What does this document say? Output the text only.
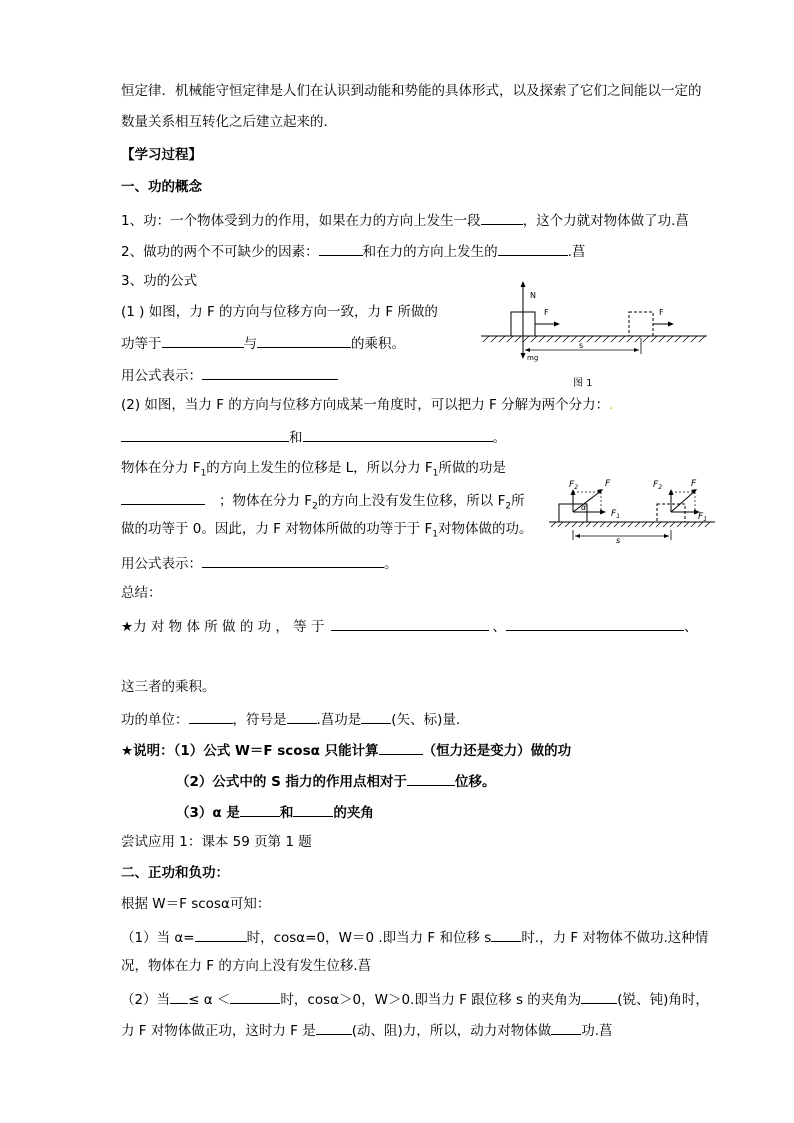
恒定律．机械能守恒定律是人们在认识到动能和势能的具体形式，以及探索了它们之间能以一定的
数量关系相互转化之后建立起来的．
【学习过程】
一、功的概念
1、功：一个物体受到力的作用，如果在力的方向上发生一段	，这个力就对物体做了功.菖
2、做功的两个不可缺少的因素：	和在力的方向上发生的	.菖
3、功的公式
(1 ) 如图，力 F 的方向与位移方向一致，力 F 所做的
功等于	与	的乘积。
用公式表示：
(2) 如图，当力 F 的方向与位移方向成某一角度时，可以把力 F 分解为两个分力：.
和	。
物体在分力 $F_1$的方向上发生的位移是 L，所以分力 $F_1$所做的功是
；物体在分力 $F_2$的方向上没有发生位移，所以 $F_2$所
做的功等于 0。因此，力 F 对物体所做的功等于于 $F_1$对物体做的功。
用公式表示：	。
总结：
★力 对 物 体 所 做 的 功 ， 等 于	、	、
这三者的乘积。
功的单位：	，符号是 .菖功是 (矢、标)量.
★说明：（1）公式 W＝F scosα 只能计算	（恒力还是变力）做的功
（2）公式中的 S 指力的作用点相对于	位移。
（3）α 是	和	的夹角
尝试应用 1：课本 59 页第 1 题
二、正功和负功：
根据 W＝F scosα可知：
（1）当 α=	时，cosα=0，W＝0 .即当力 F 和位移 s 时.，力 F 对物体不做功.这种情
况，物体在力 F 的方向上没有发生位移.菖
（2）当 ≤ α ＜	时，cosα＞0，W＞0.即当力 F 跟位移 s 的夹角为	(锐、钝)角时，
力 F 对物体做正功，这时力 F 是	(动、阻)力，所以，动力对物体做 功.菖
N
mg
F	F
s
图 1
α
$F_2$	F
$F_1$
$F_2$	F
$F_1$
s
